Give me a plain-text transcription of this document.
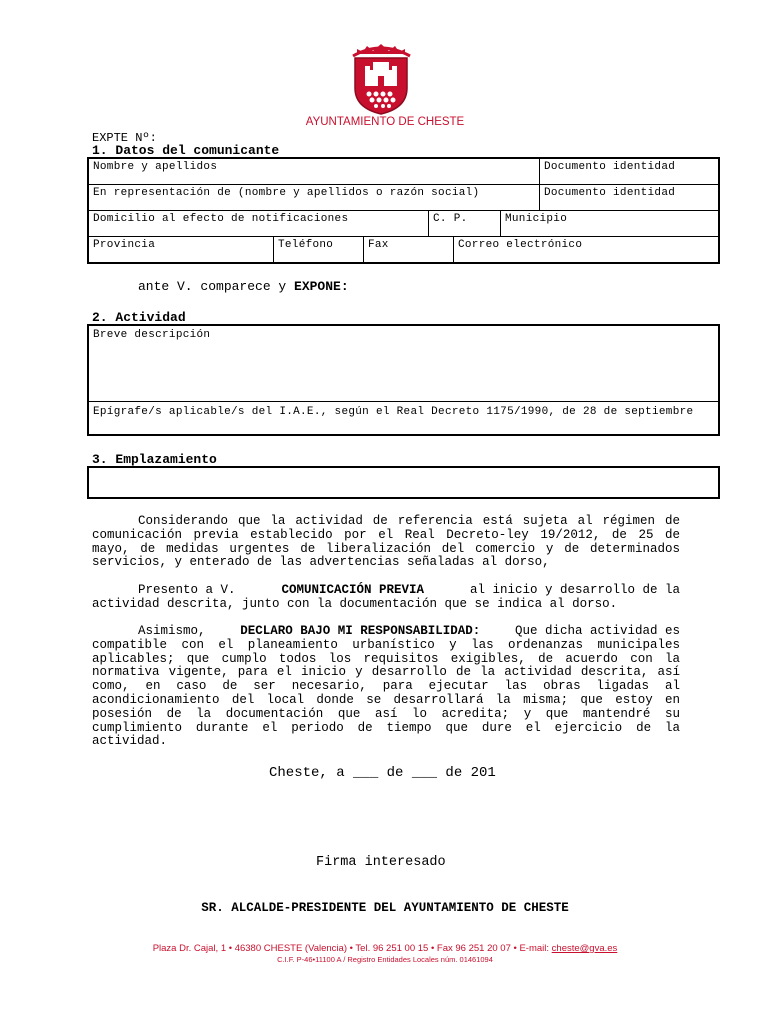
AYUNTAMIENTO DE CHESTE
EXPTE Nº:
1. Datos del comunicante
Nombre y apellidos	Documento identidad
En representación de (nombre y apellidos o razón social)	Documento identidad
Domicilio al efecto de notificaciones	C. P.	Municipio
Provincia	Teléfono	Fax	Correo electrónico
ante V. comparece y EXPONE:
2. Actividad
Breve descripción
Epígrafe/s aplicable/s del I.A.E., según el Real Decreto 1175/1990, de 28 de septiembre
3. Emplazamiento
Considerando que la actividad de referencia está sujeta al régimen de
comunicación previa establecido por el Real Decreto-ley 19/2012, de 25 de
mayo, de medidas urgentes de liberalización del comercio y de determinados
servicios, y enterado de las advertencias señaladas al dorso,
Presento a V.	COMUNICACIÓN PREVIA	al inicio y desarrollo de la
actividad descrita, junto con la documentación que se indica al dorso.
Asimismo,	DECLARO BAJO MI RESPONSABILIDAD:	Que dicha actividad es
compatible con el planeamiento urbanístico y las ordenanzas municipales
aplicables; que cumplo todos los requisitos exigibles, de acuerdo con la
normativa vigente, para el inicio y desarrollo de la actividad descrita, así
como, en caso de ser necesario, para ejecutar las obras ligadas al
acondicionamiento del local donde se desarrollará la misma; que estoy en
posesión de la documentación que así lo acredita; y que mantendré su
cumplimiento durante el periodo de tiempo que dure el ejercicio de la
actividad.
Cheste, a ___ de ___ de 201
Firma interesado
SR. ALCALDE-PRESIDENTE DEL AYUNTAMIENTO DE CHESTE
Plaza Dr. Cajal, 1 • 46380 CHESTE (Valencia) • Tel. 96 251 00 15 • Fax 96 251 20 07 • E-mail: cheste@gva.es
C.I.F. P-46•11100 A / Registro Entidades Locales núm. 01461094
